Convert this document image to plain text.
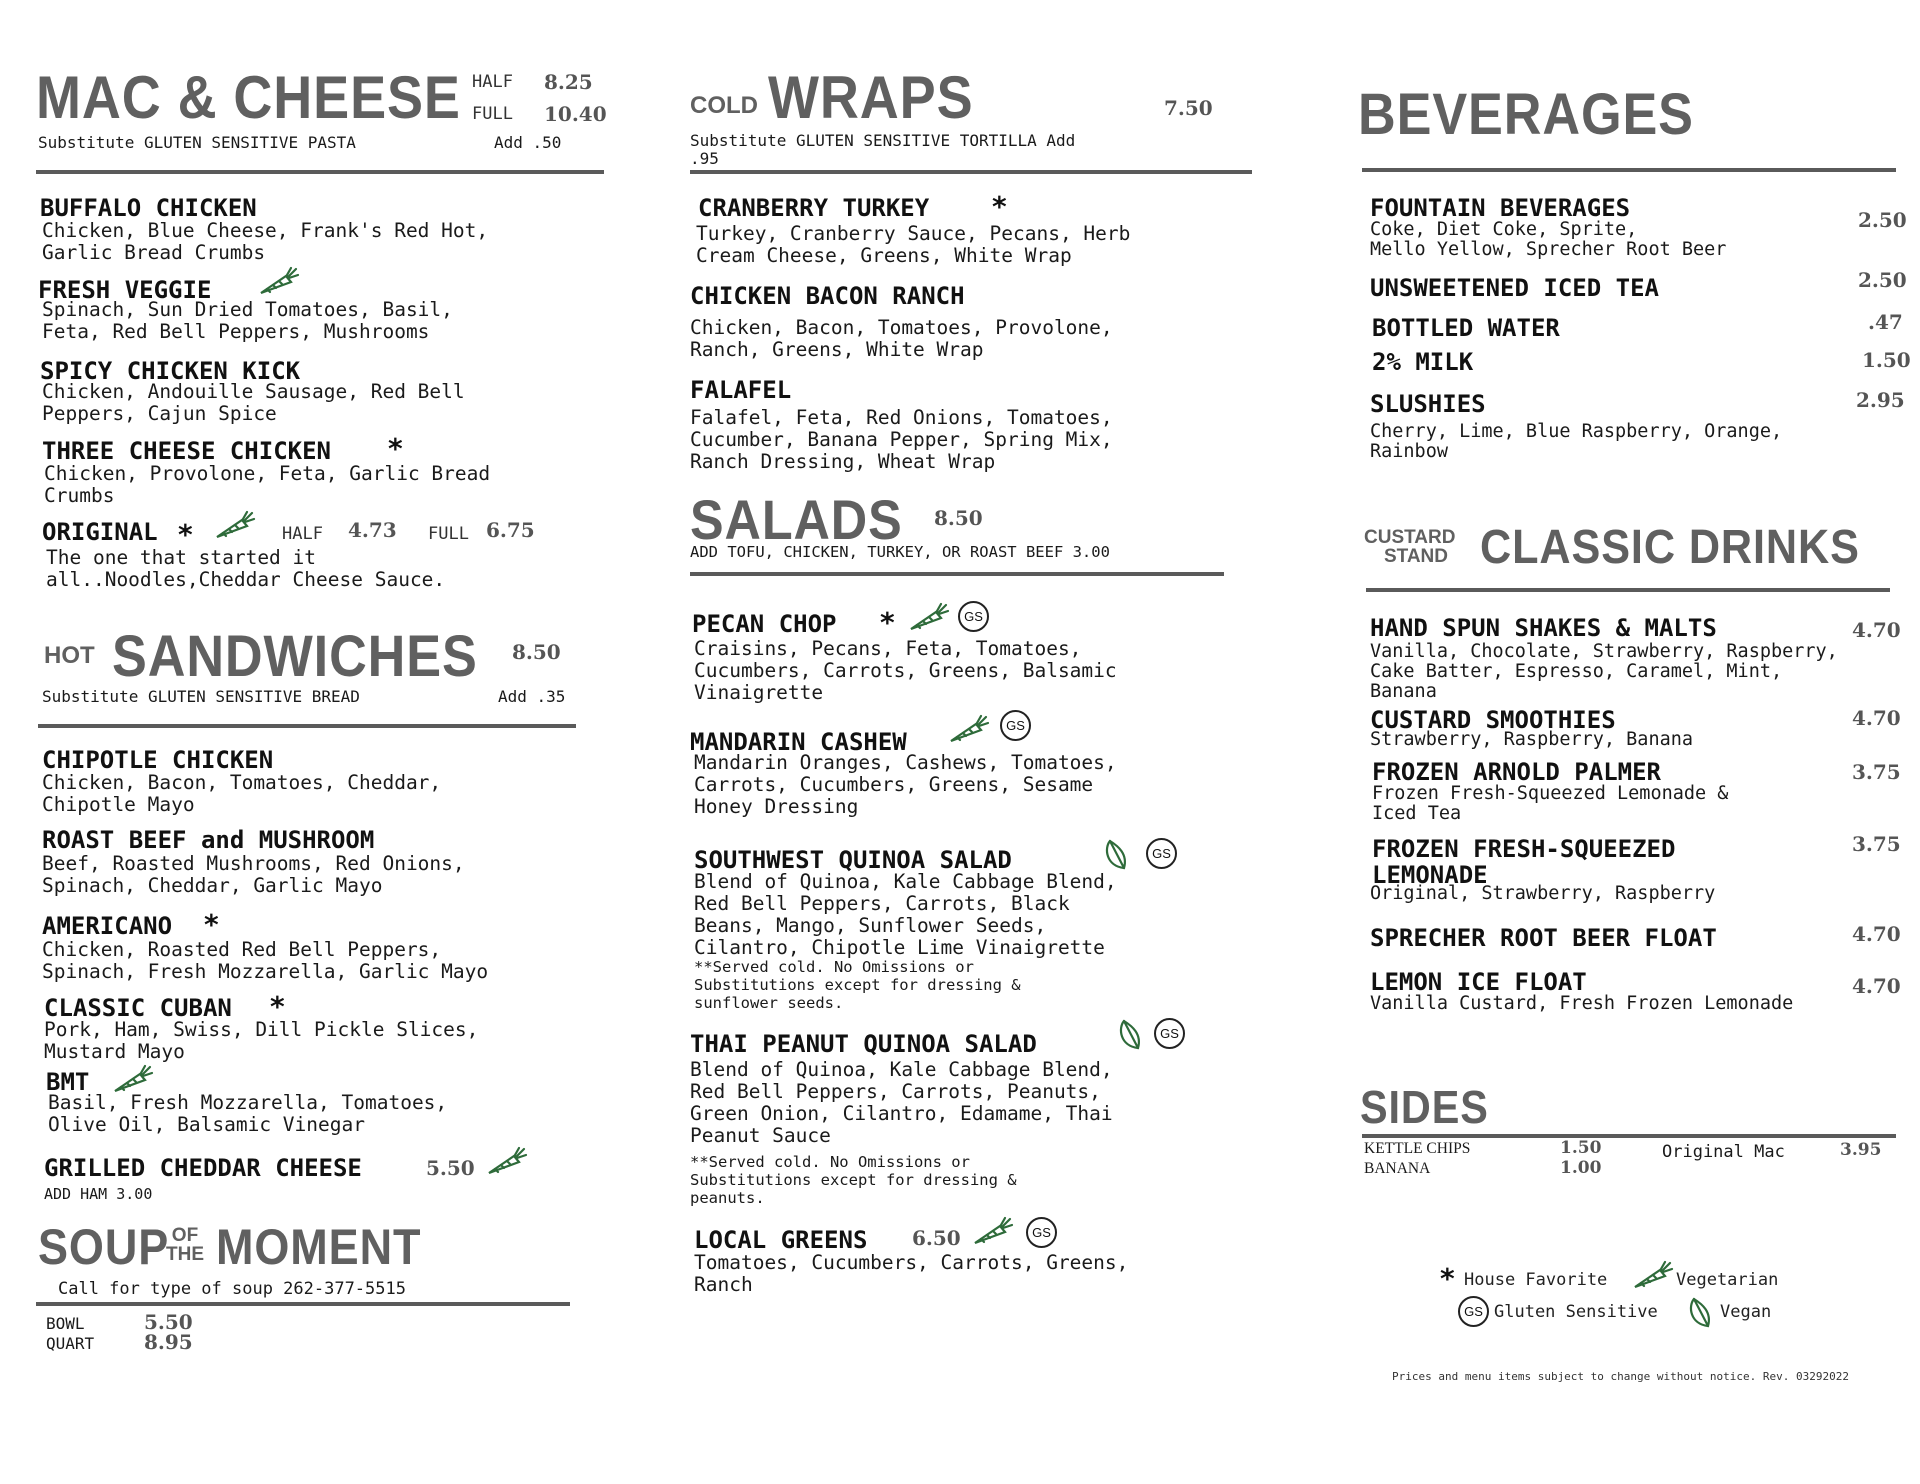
MAC & CHEESE HALF 8.25
FULL 10.40
Substitute GLUTEN SENSITIVE PASTA	Add .50
BUFFALO CHICKEN
Chicken, Blue Cheese, Frank's Red Hot,
Garlic Bread Crumbs
FRESH VEGGIE
Spinach, Sun Dried Tomatoes, Basil,
Feta, Red Bell Peppers, Mushrooms
SPICY CHICKEN KICK
Chicken, Andouille Sausage, Red Bell
Peppers, Cajun Spice
THREE CHEESE CHICKEN *
Chicken, Provolone, Feta, Garlic Bread
Crumbs
ORIGINAL *	HALF 4.73 FULL 6.75
The one that started it
all..Noodles,Cheddar Cheese Sauce.
HOT SANDWICHES	8.50
Substitute GLUTEN SENSITIVE BREAD	Add .35
CHIPOTLE CHICKEN
Chicken, Bacon, Tomatoes, Cheddar,
Chipotle Mayo
ROAST BEEF and MUSHROOM
Beef, Roasted Mushrooms, Red Onions,
Spinach, Cheddar, Garlic Mayo
AMERICANO *
Chicken, Roasted Red Bell Peppers,
Spinach, Fresh Mozzarella, Garlic Mayo
CLASSIC CUBAN *
Pork, Ham, Swiss, Dill Pickle Slices,
Mustard Mayo
BMT
Basil, Fresh Mozzarella, Tomatoes,
Olive Oil, Balsamic Vinegar
GRILLED CHEDDAR CHEESE	5.50
ADD HAM 3.00
SOUP OF
THE MOMENT
Call for type of soup 262-377-5515
BOWL	5.50
QUART 8.95
COLD WRAPS	7.50
Substitute GLUTEN SENSITIVE TORTILLA Add
.95
CRANBERRY TURKEY *
Turkey, Cranberry Sauce, Pecans, Herb
Cream Cheese, Greens, White Wrap
CHICKEN BACON RANCH
Chicken, Bacon, Tomatoes, Provolone,
Ranch, Greens, White Wrap
FALAFEL
Falafel, Feta, Red Onions, Tomatoes,
Cucumber, Banana Pepper, Spring Mix,
Ranch Dressing, Wheat Wrap
SALADS	8.50
ADD TOFU, CHICKEN, TURKEY, OR ROAST BEEF 3.00
PECAN CHOP *	GS
Craisins, Pecans, Feta, Tomatoes,
Cucumbers, Carrots, Greens, Balsamic
Vinaigrette
MANDARIN CASHEW
GS
Mandarin Oranges, Cashews, Tomatoes,
Carrots, Cucumbers, Greens, Sesame
Honey Dressing
SOUTHWEST QUINOA SALAD	GS
Blend of Quinoa, Kale Cabbage Blend,
Red Bell Peppers, Carrots, Black
Beans, Mango, Sunflower Seeds,
Cilantro, Chipotle Lime Vinaigrette
**Served cold. No Omissions or
Substitutions except for dressing &
sunflower seeds.
THAI PEANUT QUINOA SALAD	GS
Blend of Quinoa, Kale Cabbage Blend,
Red Bell Peppers, Carrots, Peanuts,
Green Onion, Cilantro, Edamame, Thai
Peanut Sauce
**Served cold. No Omissions or
Substitutions except for dressing &
peanuts.
LOCAL GREENS 6.50	GS
Tomatoes, Cucumbers, Carrots, Greens,
Ranch
BEVERAGES
FOUNTAIN BEVERAGES	2.50
Coke, Diet Coke, Sprite,
Mello Yellow, Sprecher Root Beer
UNSWEETENED ICED TEA	2.50
BOTTLED WATER	.47
2% MILK	1.50
SLUSHIES	2.95
Cherry, Lime, Blue Raspberry, Orange,
Rainbow
CUSTARD
STAND CLASSIC DRINKS
HAND SPUN SHAKES & MALTS	4.70
Vanilla, Chocolate, Strawberry, Raspberry,
Cake Batter, Espresso, Caramel, Mint,
Banana
CUSTARD SMOOTHIES	4.70
Strawberry, Raspberry, Banana
FROZEN ARNOLD PALMER	3.75
Frozen Fresh-Squeezed Lemonade &
Iced Tea
FROZEN FRESH-SQUEEZED
LEMONADE
3.75
Original, Strawberry, Raspberry
SPRECHER ROOT BEER FLOAT	4.70
LEMON ICE FLOAT	4.70
Vanilla Custard, Fresh Frozen Lemonade
SIDES
KETTLE CHIPS	1.50
BANANA	1.00
Original Mac	3.95
* House Favorite	Vegetarian
GS Gluten Sensitive	Vegan
Prices and menu items subject to change without notice. Rev. 03292022
